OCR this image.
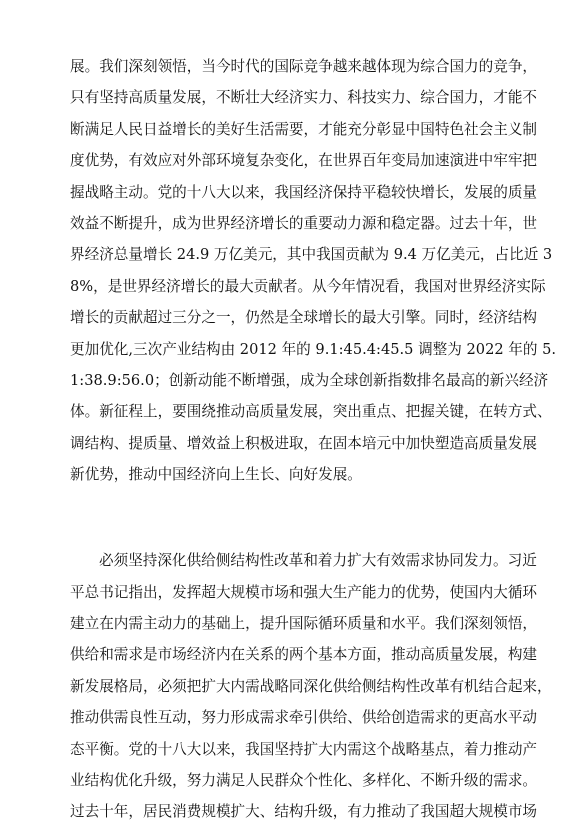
展。我们深刻领悟，当今时代的国际竞争越来越体现为综合国力的竞争，
只有坚持高质量发展，不断壮大经济实力、科技实力、综合国力，才能不
断满足人民日益增长的美好生活需要，才能充分彰显中国特色社会主义制
度优势，有效应对外部环境复杂变化，在世界百年变局加速演进中牢牢把
握战略主动。党的十八大以来，我国经济保持平稳较快增长，发展的质量
效益不断提升，成为世界经济增长的重要动力源和稳定器。过去十年，世
界经济总量增长 24.9 万亿美元，其中我国贡献为 9.4 万亿美元，占比近 3
8%，是世界经济增长的最大贡献者。从今年情况看，我国对世界经济实际
增长的贡献超过三分之一，仍然是全球增长的最大引擎。同时，经济结构
更加优化,三次产业结构由 2012 年的 9.1:45.4:45.5 调整为 2022 年的 5.
1:38.9:56.0；创新动能不断增强，成为全球创新指数排名最高的新兴经济
体。新征程上，要围绕推动高质量发展，突出重点、把握关键，在转方式、
调结构、提质量、增效益上积极进取，在固本培元中加快塑造高质量发展
新优势，推动中国经济向上生长、向好发展。
必须坚持深化供给侧结构性改革和着力扩大有效需求协同发力。习近
平总书记指出，发挥超大规模市场和强大生产能力的优势，使国内大循环
建立在内需主动力的基础上，提升国际循环质量和水平。我们深刻领悟，
供给和需求是市场经济内在关系的两个基本方面，推动高质量发展，构建
新发展格局，必须把扩大内需战略同深化供给侧结构性改革有机结合起来，
推动供需良性互动，努力形成需求牵引供给、供给创造需求的更高水平动
态平衡。党的十八大以来，我国坚持扩大内需这个战略基点，着力推动产
业结构优化升级，努力满足人民群众个性化、多样化、不断升级的需求。
过去十年，居民消费规模扩大、结构升级，有力推动了我国超大规模市场
